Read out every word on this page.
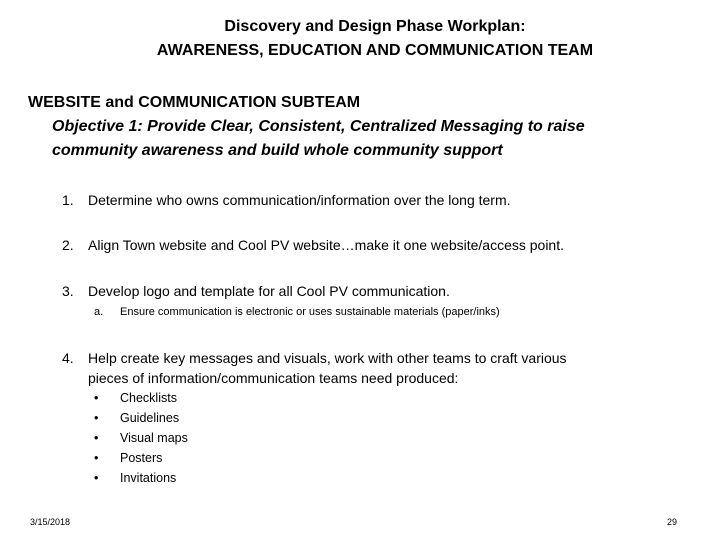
Discovery and Design Phase Workplan:
AWARENESS, EDUCATION AND COMMUNICATION TEAM
WEBSITE and COMMUNICATION SUBTEAM
Objective 1: Provide Clear, Consistent, Centralized Messaging to raise
community awareness and build whole community support
1. Determine who owns communication/information over the long term.
2. Align Town website and Cool PV website…make it one website/access point.
3. Develop logo and template for all Cool PV communication.
a. Ensure communication is electronic or uses sustainable materials (paper/inks)
4. Help create key messages and visuals, work with other teams to craft various
pieces of information/communication teams need produced:
• Checklists
• Guidelines
• Visual maps
• Posters
• Invitations
3/15/2018	29
